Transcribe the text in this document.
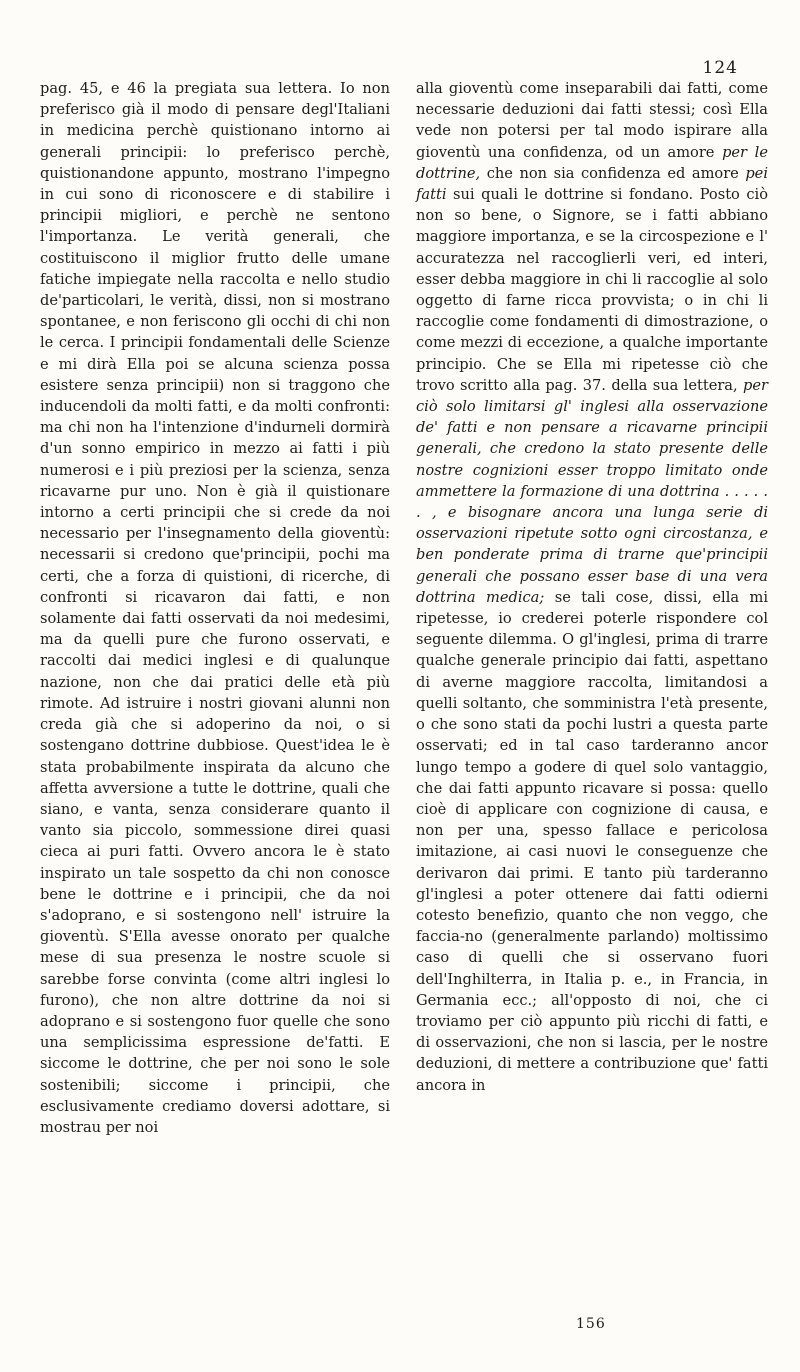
124

pag. 45, e 46 la pregiata sua lettera. Io non preferisco già il modo di pensare degl'Italiani in medicina perchè quistionano intorno ai generali principii: lo preferisco perchè, quistionandone appunto, mostrano l'impegno in cui sono di riconoscere e di stabilire i principii migliori, e perchè ne sentono l'importanza. Le verità generali, che costituiscono il miglior frutto delle umane fatiche impiegate nella raccolta e nello studio de'particolari, le verità, dissi, non si mostrano spontanee, e non feriscono gli occhi di chi non le cerca. I principii fondamentali delle Scienze e mi dirà Ella poi se alcuna scienza possa esistere senza principii) non si traggono che inducendoli da molti fatti, e da molti confronti: ma chi non ha l'intenzione d'indurneli dormirà d'un sonno empirico in mezzo ai fatti i più numerosi e i più preziosi per la scienza, senza ricavarne pur uno. Non è già il quistionare intorno a certi principii che si crede da noi necessario per l'insegnamento della gioventù: necessarii si credono que'principii, pochi ma certi, che a forza di quistioni, di ricerche, di confronti si ricavaron dai fatti, e non solamente dai fatti osservati da noi medesimi, ma da quelli pure che furono osservati, e raccolti dai medici inglesi e di qualunque nazione, non che dai pratici delle età più rimote. Ad istruire i nostri giovani alunni non creda già che si adoperino da noi, o si sostengano dottrine dubbiose. Quest'idea le è stata probabilmente inspirata da alcuno che affetta avversione a tutte le dottrine, quali che siano, e vanta, senza considerare quanto il vanto sia piccolo, sommessione direi quasi cieca ai puri fatti. Ovvero ancora le è stato inspirato un tale sospetto da chi non conosce bene le dottrine e i principii, che da noi s'adoprano, e si sostengono nell' istruire la gioventù. S'Ella avesse onorato per qualche mese di sua presenza le nostre scuole si sarebbe forse convinta (come altri inglesi lo furono), che non altre dottrine da noi si adoprano e si sostengono fuor quelle che sono una semplicissima espressione de'fatti. E siccome le dottrine, che per noi sono le sole sostenibili; siccome i principii, che esclusivamente crediamo doversi adottare, si mostrau per noi

alla gioventù come inseparabili dai fatti, come necessarie deduzioni dai fatti stessi; così Ella vede non potersi per tal modo ispirare alla gioventù una confidenza, od un amore per le dottrine, che non sia confidenza ed amore pei fatti sui quali le dottrine si fondano. Posto ciò non so bene, o Signore, se i fatti abbiano maggiore importanza, e se la circospezione e l' accuratezza nel raccoglierli veri, ed interi, esser debba maggiore in chi li raccoglie al solo oggetto di farne ricca provvista; o in chi li raccoglie come fondamenti di dimostrazione, o come mezzi di eccezione, a qualche importante principio. Che se Ella mi ripetesse ciò che trovo scritto alla pag. 37. della sua lettera, per ciò solo limitarsi gl' inglesi alla osservazione de' fatti e non pensare a ricavarne principii generali, che credono la stato presente delle nostre cognizioni esser troppo limitato onde ammettere la formazione di una dottrina . . . . . . , e bisognare ancora una lunga serie di osservazioni ripetute sotto ogni circostanza, e ben ponderate prima di trarne que'principii generali che possano esser base di una vera dottrina medica; se tali cose, dissi, ella mi ripetesse, io crederei poterle rispondere col seguente dilemma. O gl'inglesi, prima di trarre qualche generale principio dai fatti, aspettano di averne maggiore raccolta, limitandosi a quelli soltanto, che somministra l'età presente, o che sono stati da pochi lustri a questa parte osservati; ed in tal caso tarderanno ancor lungo tempo a godere di quel solo vantaggio, che dai fatti appunto ricavare si possa: quello cioè di applicare con cognizione di causa, e non per una, spesso fallace e pericolosa imitazione, ai casi nuovi le conseguenze che derivaron dai primi. E tanto più tarderanno gl'inglesi a poter ottenere dai fatti odierni cotesto benefizio, quanto che non veggo, che faccia-no (generalmente parlando) moltissimo caso di quelli che si osservano fuori dell'Inghilterra, in Italia p. e., in Francia, in Germania ecc.; all'opposto di noi, che ci troviamo per ciò appunto più ricchi di fatti, e di osservazioni, che non si lascia, per le nostre deduzioni, di mettere a contribuzione que' fatti ancora in

156
